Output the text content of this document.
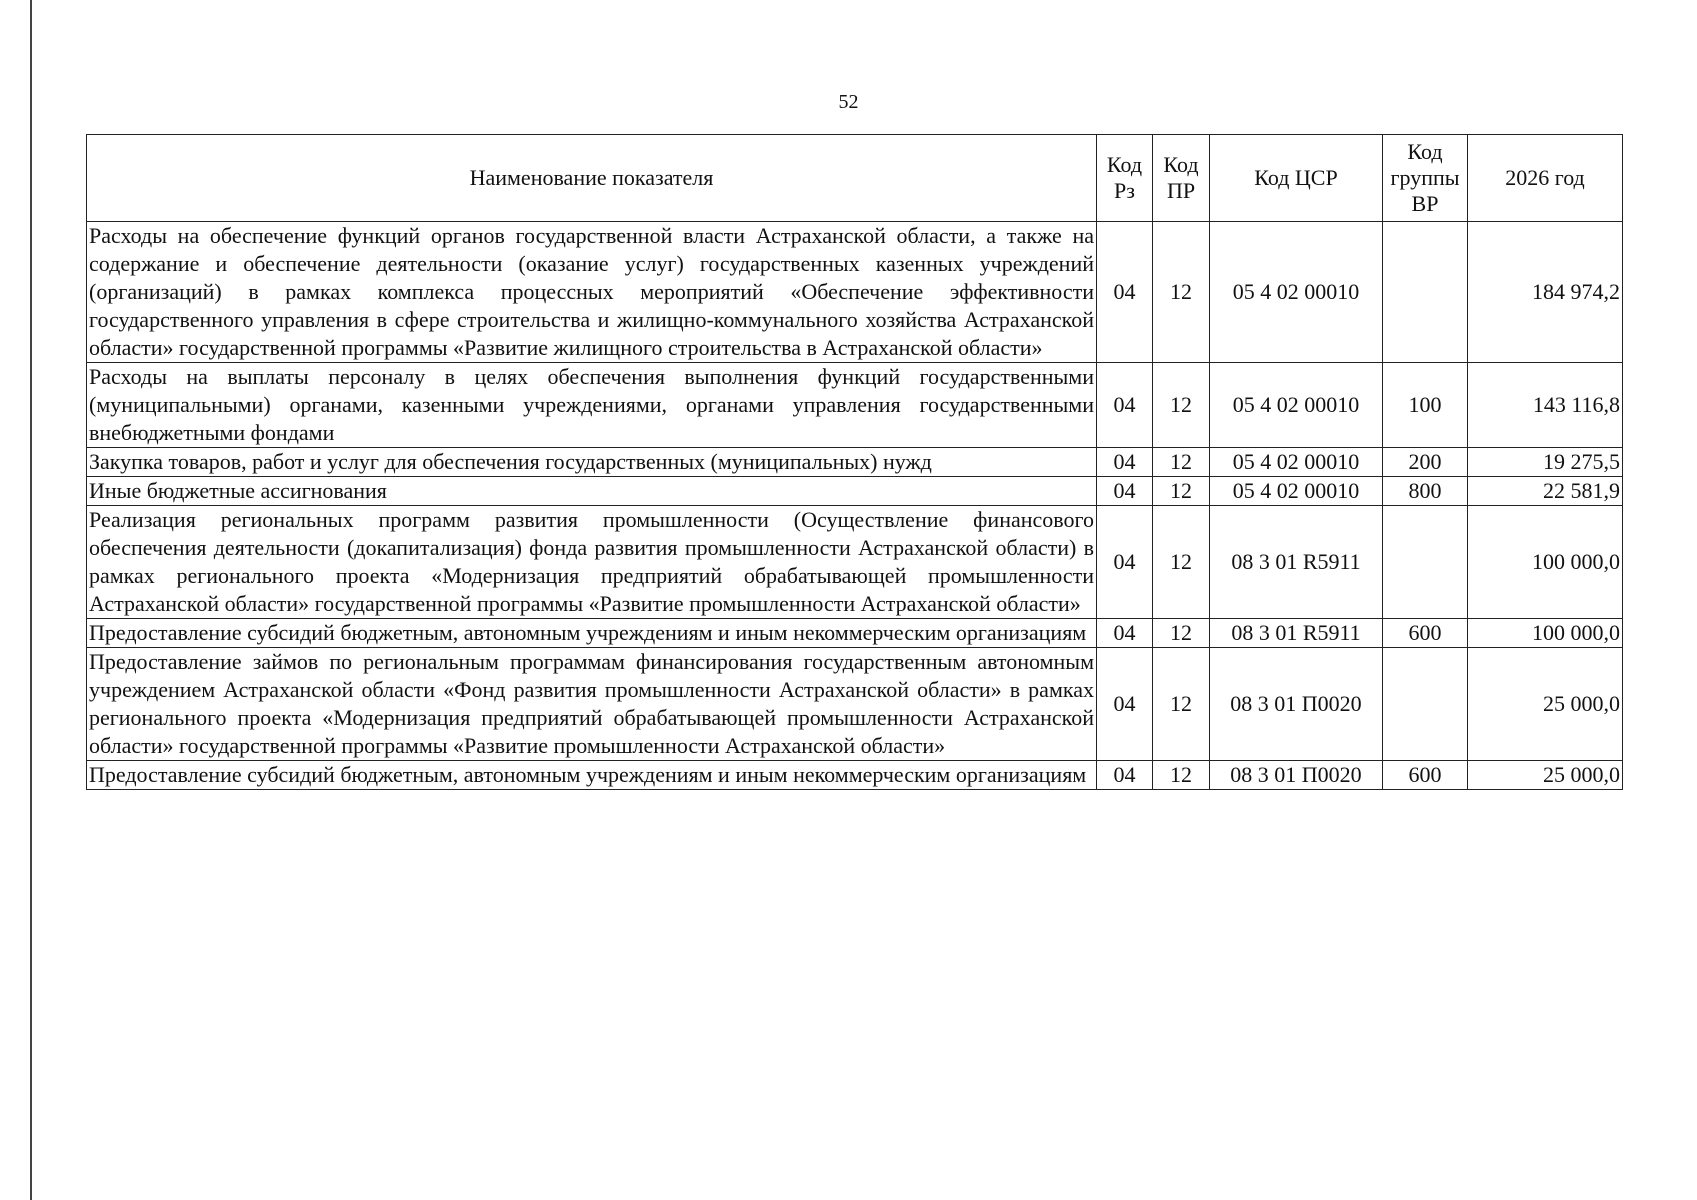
52
Наименование показателя	Код Рз	Код ПР	Код ЦСР	Код группы ВР	2026 год
Расходы на обеспечение функций органов государственной власти Астраханской области, а также на содержание и обеспечение деятельности (оказание услуг) государственных казенных учреждений (организаций) в рамках комплекса процессных мероприятий «Обеспечение эффективности государственного управления в сфере строительства и жилищно-коммунального хозяйства Астраханской области» государственной программы «Развитие жилищного строительства в Астраханской области»	04	12	05 4 02 00010		184 974,2
Расходы на выплаты персоналу в целях обеспечения выполнения функций государственными (муниципальными) органами, казенными учреждениями, органами управления государственными внебюджетными фондами	04	12	05 4 02 00010	100	143 116,8
Закупка товаров, работ и услуг для обеспечения государственных (муниципальных) нужд	04	12	05 4 02 00010	200	19 275,5
Иные бюджетные ассигнования	04	12	05 4 02 00010	800	22 581,9
Реализация региональных программ развития промышленности (Осуществление финансового обеспечения деятельности (докапитализация) фонда развития промышленности Астраханской области) в рамках регионального проекта «Модернизация предприятий обрабатывающей промышленности Астраханской области» государственной программы «Развитие промышленности Астраханской области»	04	12	08 3 01 R5911		100 000,0
Предоставление субсидий бюджетным, автономным учреждениям и иным некоммерческим организациям	04	12	08 3 01 R5911	600	100 000,0
Предоставление займов по региональным программам финансирования государственным автономным учреждением Астраханской области «Фонд развития промышленности Астраханской области» в рамках регионального проекта «Модернизация предприятий обрабатывающей промышленности Астраханской области» государственной программы «Развитие промышленности Астраханской области»	04	12	08 3 01 П0020		25 000,0
Предоставление субсидий бюджетным, автономным учреждениям и иным некоммерческим организациям	04	12	08 3 01 П0020	600	25 000,0
